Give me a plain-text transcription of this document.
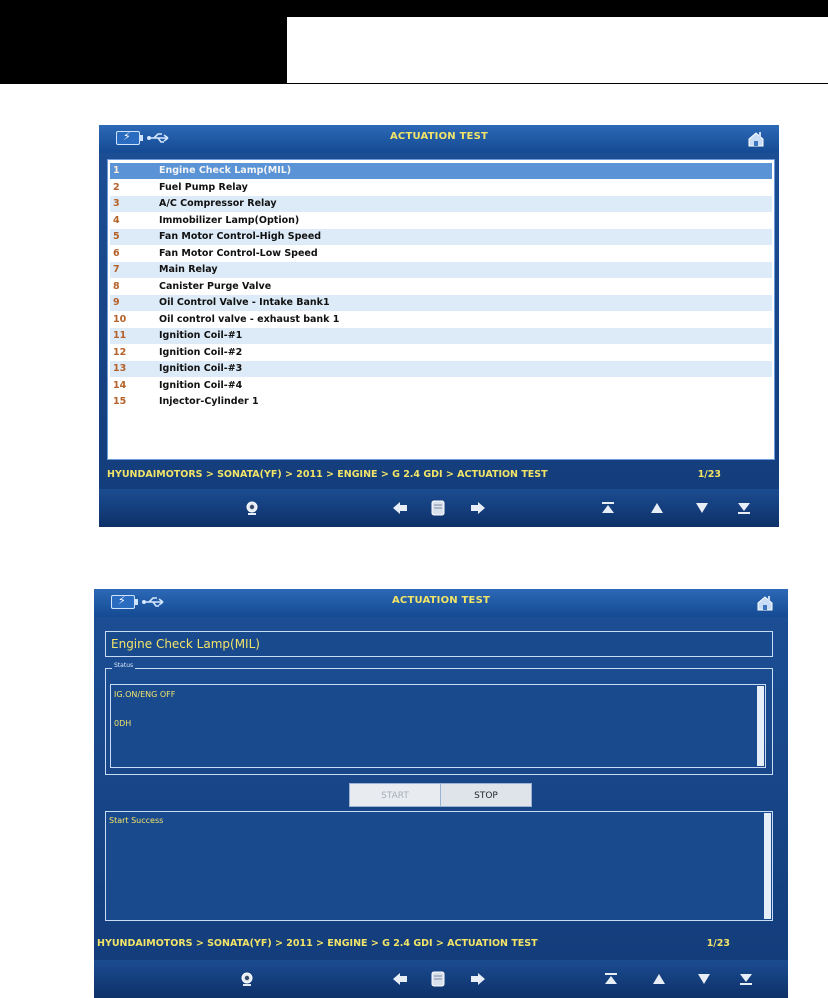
⚡	ACTUATION TEST
1	Engine Check Lamp(MIL)
2	Fuel Pump Relay
3	A/C Compressor Relay
4	Immobilizer Lamp(Option)
5	Fan Motor Control-High Speed
6	Fan Motor Control-Low Speed
7	Main Relay
8	Canister Purge Valve
9	Oil Control Valve - Intake Bank1
10	Oil control valve - exhaust bank 1
11	Ignition Coil-#1
12	Ignition Coil-#2
13	Ignition Coil-#3
14	Ignition Coil-#4
15	Injector-Cylinder 1
HYUNDAIMOTORS > SONATA(YF) > 2011 > ENGINE > G 2.4 GDI > ACTUATION TEST	1/23
⚡	ACTUATION TEST
Engine Check Lamp(MIL)
Status
IG.ON/ENG OFF
0DH
START	STOP
Start Success
HYUNDAIMOTORS > SONATA(YF) > 2011 > ENGINE > G 2.4 GDI > ACTUATION TEST	1/23
